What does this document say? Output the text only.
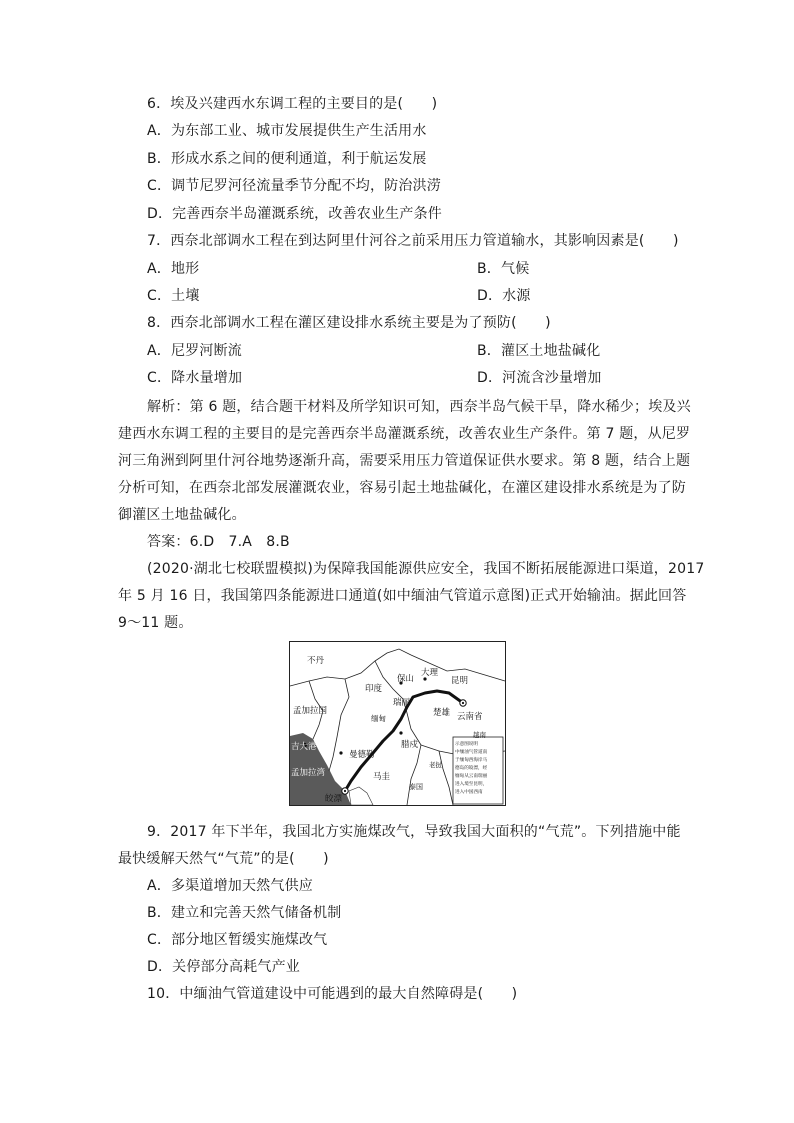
6．埃及兴建西水东调工程的主要目的是(　　)
A．为东部工业、城市发展提供生产生活用水
B．形成水系之间的便利通道，利于航运发展
C．调节尼罗河径流量季节分配不均，防治洪涝
D．完善西奈半岛灌溉系统，改善农业生产条件
7．西奈北部调水工程在到达阿里什河谷之前采用压力管道输水，其影响因素是(　　)
A．地形	B．气候
C．土壤	D．水源
8．西奈北部调水工程在灌区建设排水系统主要是为了预防(　　)
A．尼罗河断流	B．灌区土地盐碱化
C．降水量增加	D．河流含沙量增加
解析：第 6 题，结合题干材料及所学知识可知，西奈半岛气候干旱，降水稀少；埃及兴
建西水东调工程的主要目的是完善西奈半岛灌溉系统，改善农业生产条件。第 7 题，从尼罗
河三角洲到阿里什河谷地势逐渐升高，需要采用压力管道保证供水要求。第 8 题，结合上题
分析可知，在西奈北部发展灌溉农业，容易引起土地盐碱化，在灌区建设排水系统是为了防
御灌区土地盐碱化。
答案：6.D　7.A　8.B
(2020·湖北七校联盟模拟)为保障我国能源供应安全，我国不断拓展能源进口渠道，2017
年 5 月 16 日，我国第四条能源进口通道(如中缅油气管道示意图)正式开始输油。据此回答
9～11 题。
不丹
印度
孟加拉国
缅甸
曼德勒
马圭
皎漂
瑞丽
保山
大理
昆明
楚雄 云南省
腊戍
老挝
泰国
越南
吉大港
孟加拉湾
示意图说明
中缅油气管道南
于缅甸西海岸马
德岛的皎漂，经
缅甸从云南瑞丽
进入境至昆明，
进入中国西南
9．2017 年下半年，我国北方实施煤改气，导致我国大面积的“气荒”。下列措施中能
最快缓解天然气“气荒”的是(　　)
A．多渠道增加天然气供应
B．建立和完善天然气储备机制
C．部分地区暂缓实施煤改气
D．关停部分高耗气产业
10．中缅油气管道建设中可能遇到的最大自然障碍是(　　)
